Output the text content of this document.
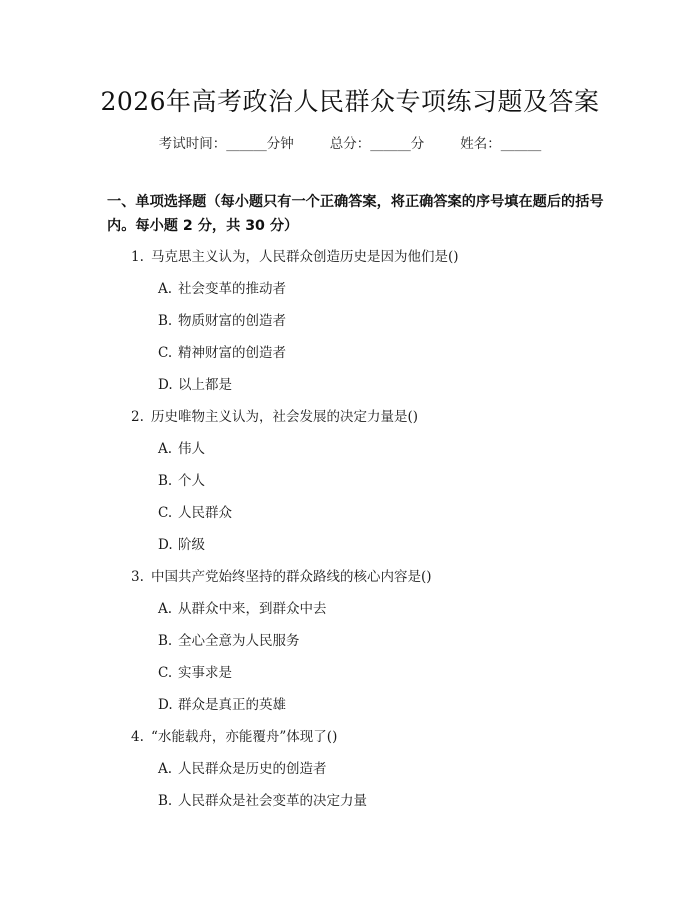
2026年高考政治人民群众专项练习题及答案
考试时间：______分钟	总分：______分	姓名：______
一、单项选择题（每小题只有一个正确答案，将正确答案的序号填在题后的括号内。每小题 2 分，共 30 分）
1. 马克思主义认为，人民群众创造历史是因为他们是()
A. 社会变革的推动者
B. 物质财富的创造者
C. 精神财富的创造者
D. 以上都是
2. 历史唯物主义认为，社会发展的决定力量是()
A. 伟人
B. 个人
C. 人民群众
D. 阶级
3. 中国共产党始终坚持的群众路线的核心内容是()
A. 从群众中来，到群众中去
B. 全心全意为人民服务
C. 实事求是
D. 群众是真正的英雄
4. “水能载舟，亦能覆舟”体现了()
A. 人民群众是历史的创造者
B. 人民群众是社会变革的决定力量
